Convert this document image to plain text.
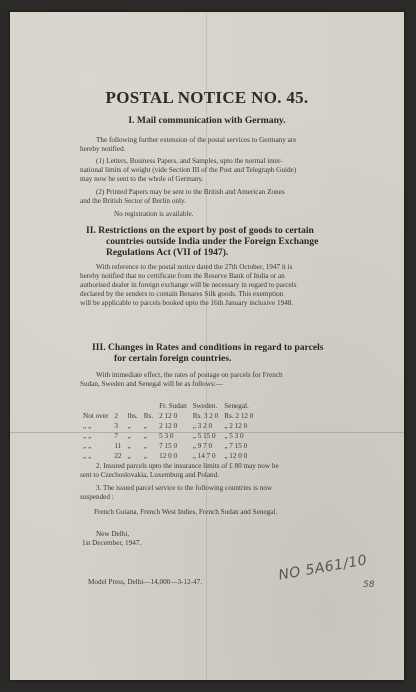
POSTAL NOTICE NO. 45.
I. Mail communication with Germany.
The following further extension of the postal services to Germany are
hereby notified.
(1) Letters, Business Papers, and Samples, upto the normal inter-
national limits of weight (vide Section III of the Post and Telegraph Guide)
may now be sent to the whole of Germany.
(2) Printed Papers may be sent to the British and American Zones
and the British Sector of Berlin only.
No registration is available.
II. Restrictions on the export by post of goods to certain
countries outside India under the Foreign Exchange
Regulations Act (VII of 1947).
With reference to the postal notice dated the 27th October, 1947 it is
hereby notified that no certificate from the Reserve Bank of India or an
authorised dealer in foreign exchange will be necessary in regard to parcels
declared by the senders to contain Benares Silk goods. This exemption
will be applicable to parcels booked upto the 16th January inclusive 1948.
III. Changes in Rates and conditions in regard to parcels
for certain foreign countries.
With immediate effect, the rates of postage on parcels for French
Sudan, Sweden and Senegal will be as follows:—
				Fr. Sudan	Sweden.	Senegal.
Not over	2	lbs.	Rs.	2 12 0	Rs. 3 2 0	Rs. 2 12 0
„ „	3	„	„	2 12 0	„ 3 2 0	„ 2 12 0
„ „	7	„	„	5 3 0	„ 5 15 0	„ 5 3 0
„ „	11	„	„	7 15 0	„ 9 7 0	„ 7 15 0
„ „	22	„	„	12 0 0	„ 14 7 0	„ 12 0 0
2. Insured parcels upto the insurance limits of £ 80 may now be
sent to Czechoslovakia, Luxemburg and Poland.
3. The issued parcel service to the following countries is now
suspended :
French Guiana, French West Indies, French Sudan and Senegal.
New Delhi,
1st December, 1947.
Model Press, Delhi—14,000—3-12-47.	NO 5A61/10
58
